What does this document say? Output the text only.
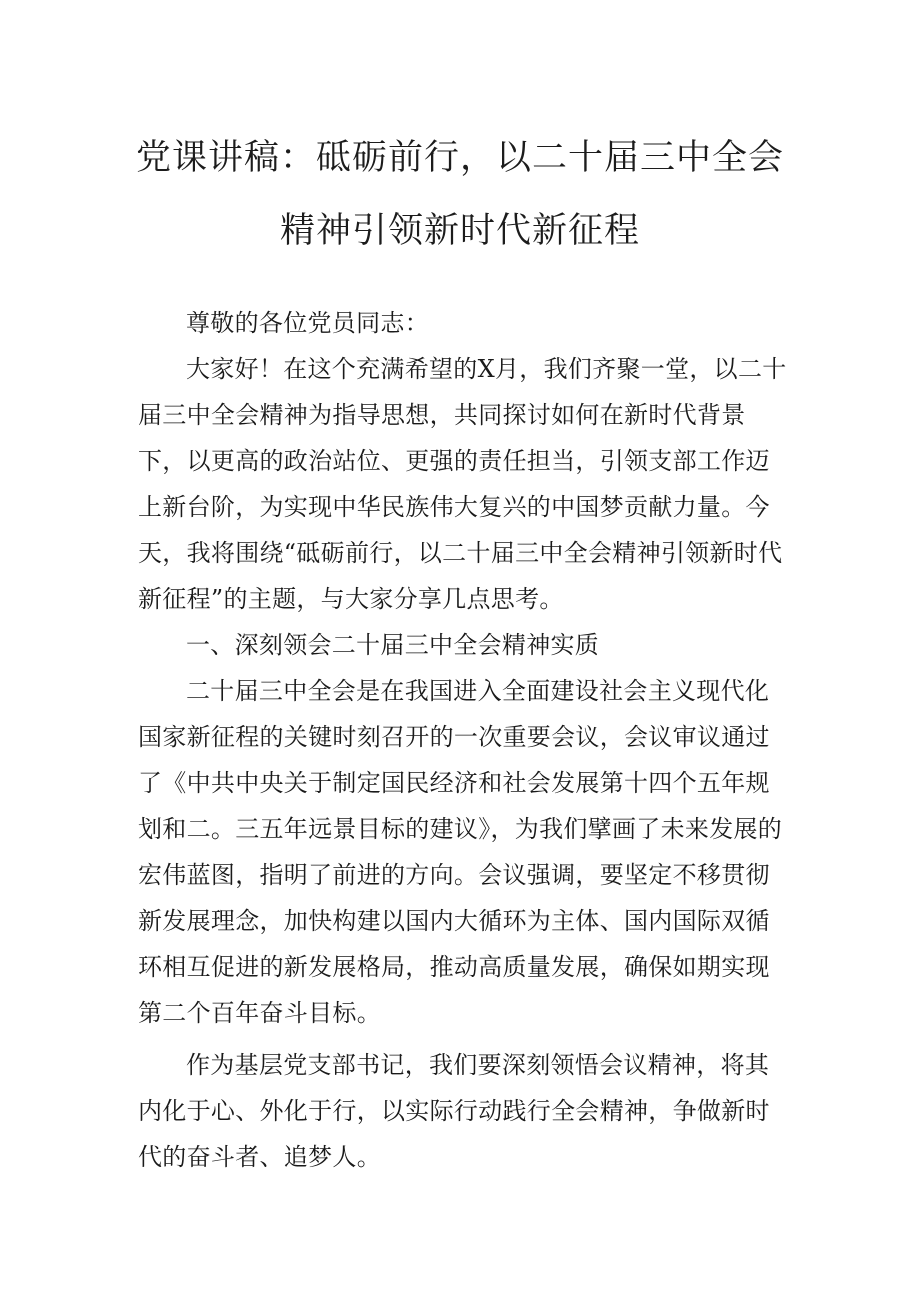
党课讲稿：砥砺前行，以二十届三中全会
精神引领新时代新征程

尊敬的各位党员同志：

大家好！在这个充满希望的X月，我们齐聚一堂，以二十届三中全会精神为指导思想，共同探讨如何在新时代背景下，以更高的政治站位、更强的责任担当，引领支部工作迈上新台阶，为实现中华民族伟大复兴的中国梦贡献力量。今天，我将围绕“砥砺前行，以二十届三中全会精神引领新时代新征程”的主题，与大家分享几点思考。

一、深刻领会二十届三中全会精神实质

二十届三中全会是在我国进入全面建设社会主义现代化国家新征程的关键时刻召开的一次重要会议，会议审议通过了《中共中央关于制定国民经济和社会发展第十四个五年规划和二。三五年远景目标的建议》，为我们擘画了未来发展的宏伟蓝图，指明了前进的方向。会议强调，要坚定不移贯彻新发展理念，加快构建以国内大循环为主体、国内国际双循环相互促进的新发展格局，推动高质量发展，确保如期实现第二个百年奋斗目标。

作为基层党支部书记，我们要深刻领悟会议精神，将其内化于心、外化于行，以实际行动践行全会精神，争做新时代的奋斗者、追梦人。
